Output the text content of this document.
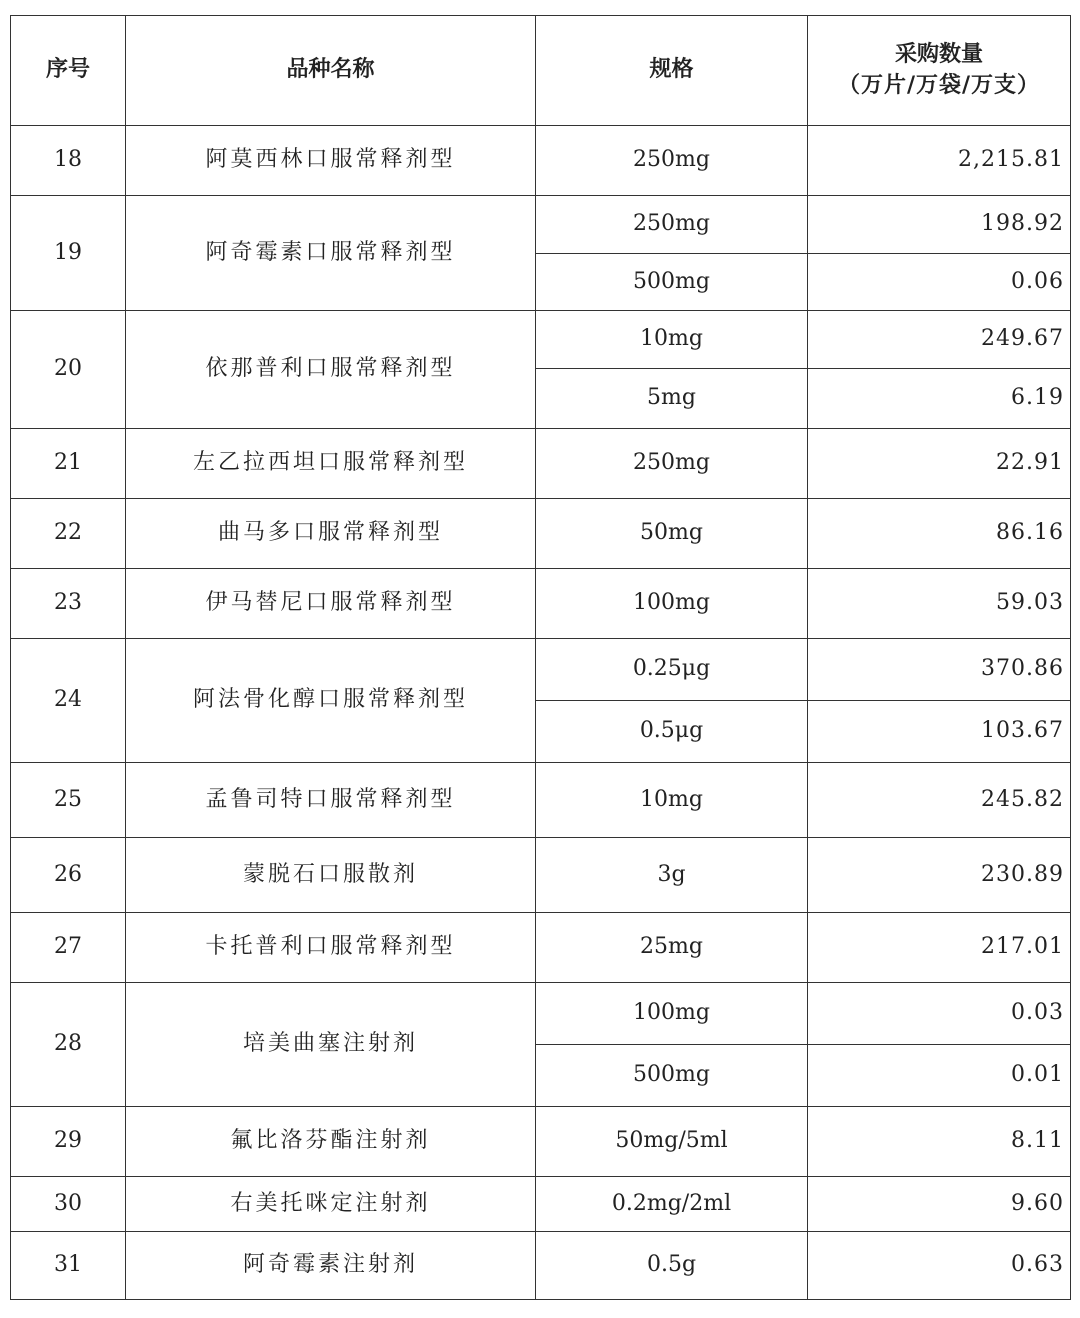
序号	品种名称	规格	采购数量
（万片/万袋/万支）

18	阿莫西林口服常释剂型	250mg	2,215.81
19	阿奇霉素口服常释剂型	250mg	198.92
		500mg	0.06
20	依那普利口服常释剂型	10mg	249.67
		5mg	6.19
21	左乙拉西坦口服常释剂型	250mg	22.91
22	曲马多口服常释剂型	50mg	86.16
23	伊马替尼口服常释剂型	100mg	59.03
24	阿法骨化醇口服常释剂型	0.25μg	370.86
		0.5μg	103.67
25	孟鲁司特口服常释剂型	10mg	245.82
26	蒙脱石口服散剂	3g	230.89
27	卡托普利口服常释剂型	25mg	217.01
28	培美曲塞注射剂	100mg	0.03
		500mg	0.01
29	氟比洛芬酯注射剂	50mg/5ml	8.11
30	右美托咪定注射剂	0.2mg/2ml	9.60
31	阿奇霉素注射剂	0.5g	0.63
